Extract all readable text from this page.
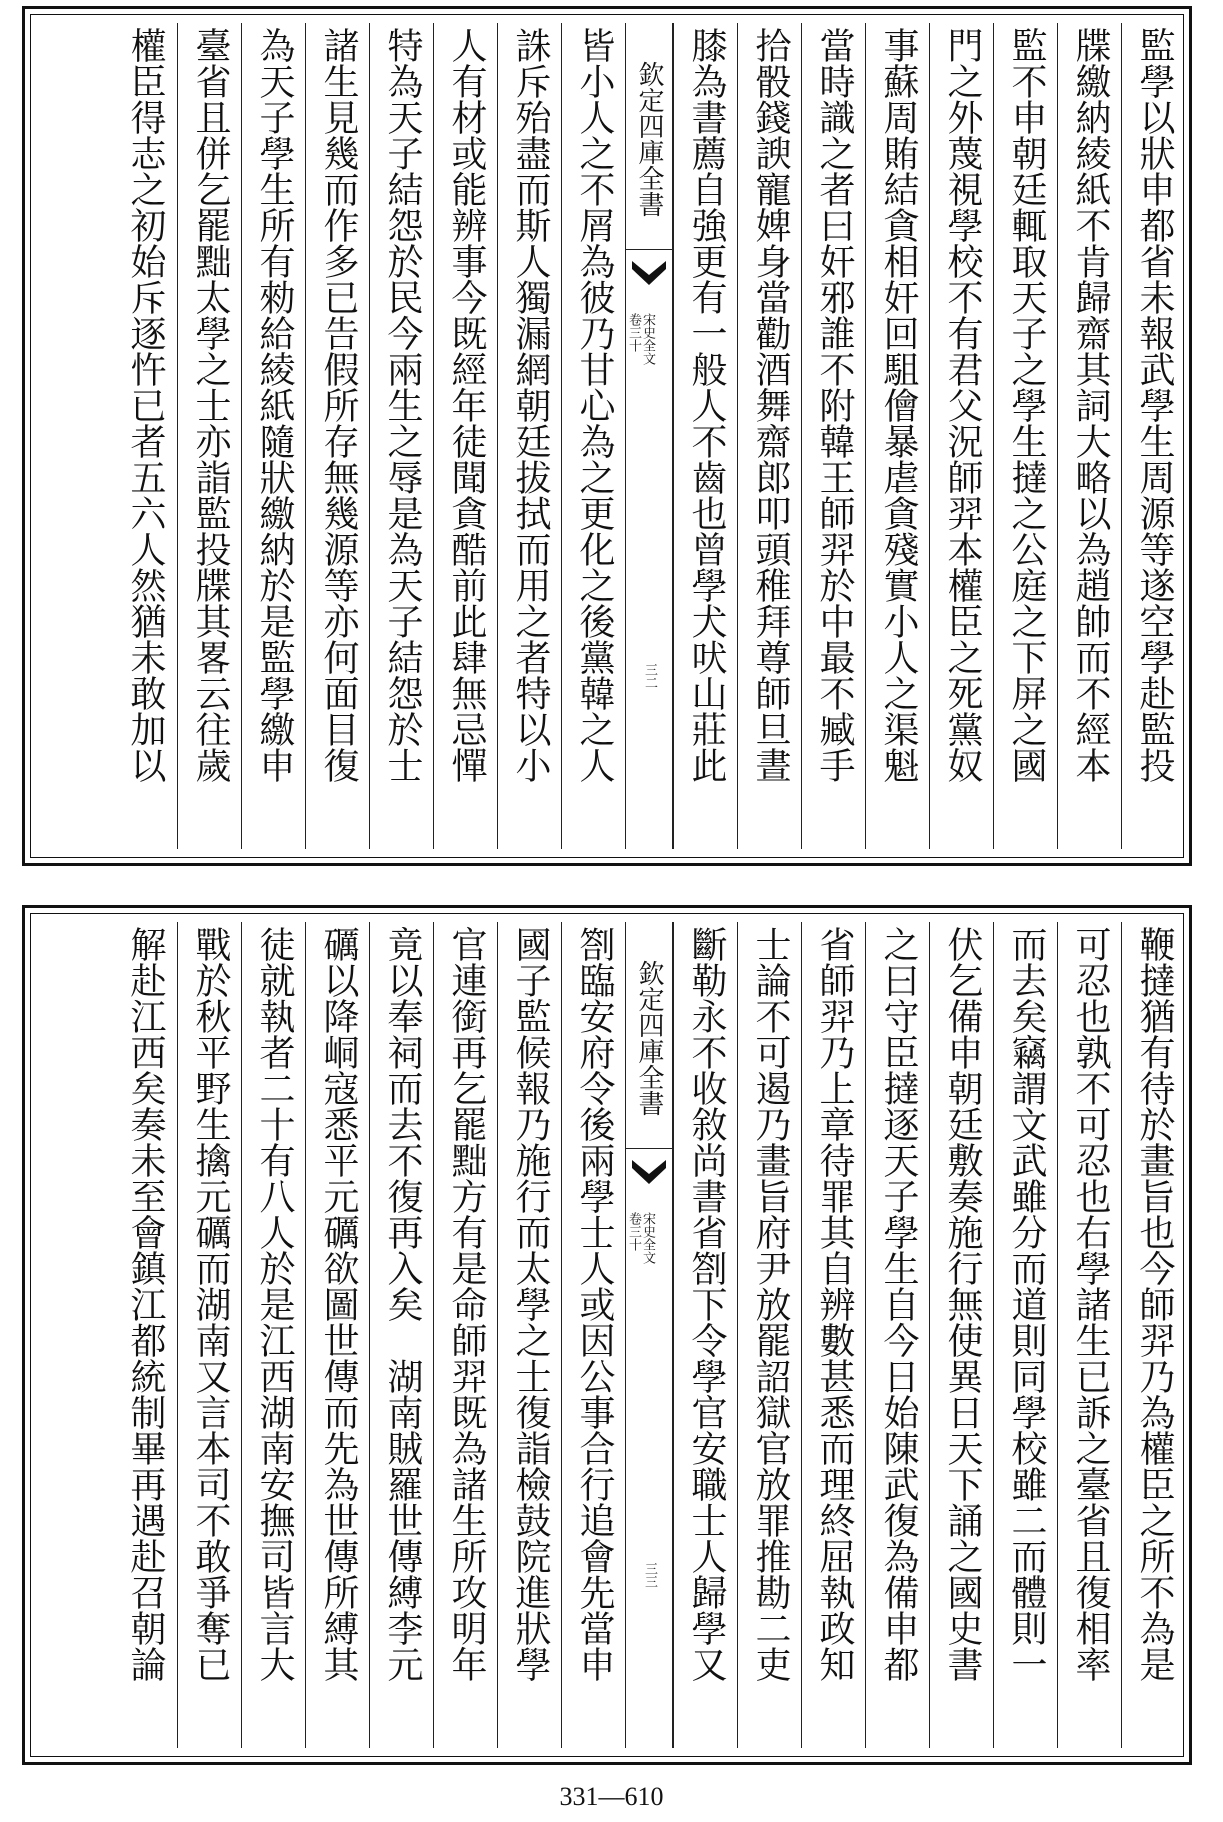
監學以狀申都省未報武學生周源等遂空學赴監投
牒繳納綾紙不肯歸齋其詞大略以為趙帥而不經本
監不申朝廷輒取天子之學生撻之公庭之下屏之國
門之外蔑視學校不有君父況師羿本權臣之死黨奴
事蘇周賄結貪相奸回駔儈暴虐貪殘實小人之渠魁
當時識之者曰奸邪誰不附韓王師羿於中最不臧手
拾骰錢諛寵婢身當勸酒舞齋郎叩頭稚拜尊師旦晝
膝為書薦自強更有一般人不齒也曾學犬吠山莊此
欽定四庫全書
宋史全文
卷三十
三二
皆小人之不屑為彼乃甘心為之更化之後黨韓之人
誅斥殆盡而斯人獨漏網朝廷拔拭而用之者特以小
人有材或能辨事今既經年徒聞貪酷前此肆無忌憚
特為天子結怨於民今兩生之辱是為天子結怨於士
諸生見幾而作多已告假所存無幾源等亦何面目復
為天子學生所有勑給綾紙隨狀繳納於是監學繳申
臺省且併乞罷黜太學之士亦詣監投牒其畧云往歲
權臣得志之初始斥逐忤已者五六人然猶未敢加以
鞭撻猶有待於畫旨也今師羿乃為權臣之所不為是
可忍也孰不可忍也右學諸生已訴之臺省且復相率
而去矣竊謂文武雖分而道則同學校雖二而體則一
伏乞備申朝廷敷奏施行無使異日天下誦之國史書
之曰守臣撻逐天子學生自今日始陳武復為備申都
省師羿乃上章待罪其自辨數甚悉而理終屈執政知
士論不可遏乃畫旨府尹放罷詔獄官放罪推勘二吏
斷勒永不收敘尚書省劄下令學官安職士人歸學又
欽定四庫全書
宋史全文
卷三十
三三
劄臨安府令後兩學士人或因公事合行追會先當申
國子監候報乃施行而太學之士復詣檢鼓院進狀學
官連銜再乞罷黜方有是命師羿既為諸生所攻明年
竟以奉祠而去不復再入矣　湖南賊羅世傳縛李元
礪以降峒寇悉平元礪欲圖世傳而先為世傳所縛其
徒就執者二十有八人於是江西湖南安撫司皆言大
戰於秋平野生擒元礪而湖南又言本司不敢爭奪已
解赴江西矣奏未至會鎮江都統制畢再遇赴召朝論
331—610
